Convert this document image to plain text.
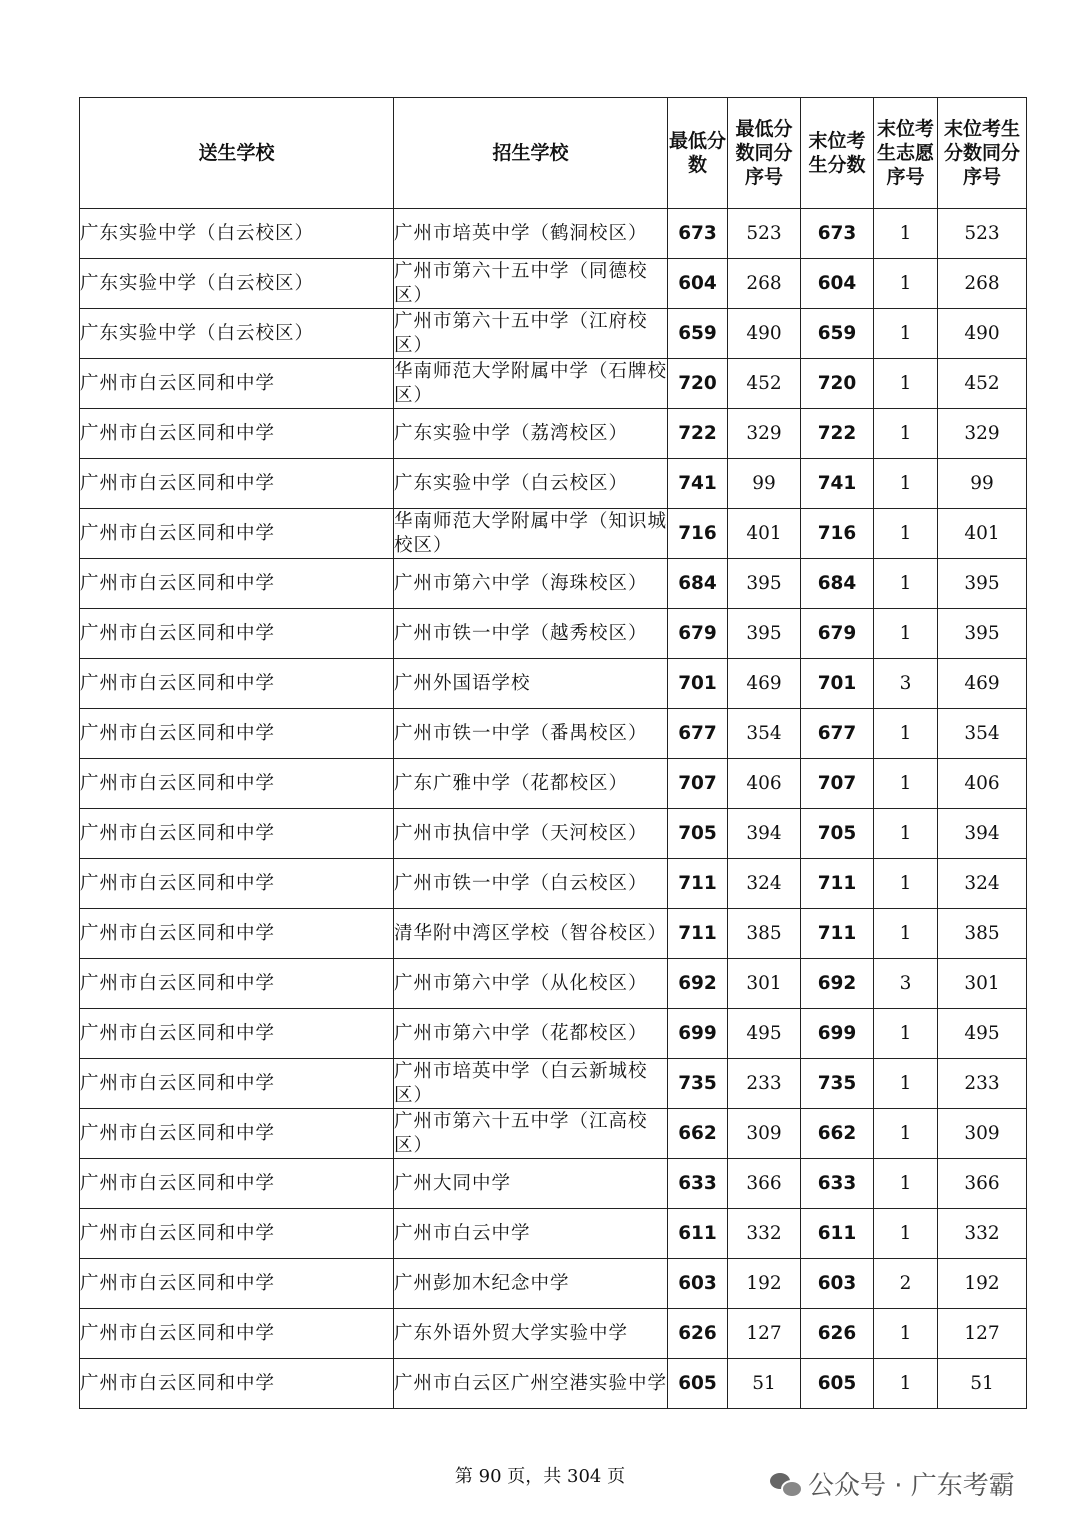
送生学校	招生学校	最低分数	最低分数同分序号	末位考生分数	末位考生志愿序号	末位考生分数同分序号
广东实验中学（白云校区）	广州市培英中学（鹤洞校区）	673	523	673	1	523
广东实验中学（白云校区）	广州市第六十五中学（同德校区）	604	268	604	1	268
广东实验中学（白云校区）	广州市第六十五中学（江府校区）	659	490	659	1	490
广州市白云区同和中学	华南师范大学附属中学（石牌校区）	720	452	720	1	452
广州市白云区同和中学	广东实验中学（荔湾校区）	722	329	722	1	329
广州市白云区同和中学	广东实验中学（白云校区）	741	99	741	1	99
广州市白云区同和中学	华南师范大学附属中学（知识城校区）	716	401	716	1	401
广州市白云区同和中学	广州市第六中学（海珠校区）	684	395	684	1	395
广州市白云区同和中学	广州市铁一中学（越秀校区）	679	395	679	1	395
广州市白云区同和中学	广州外国语学校	701	469	701	3	469
广州市白云区同和中学	广州市铁一中学（番禺校区）	677	354	677	1	354
广州市白云区同和中学	广东广雅中学（花都校区）	707	406	707	1	406
广州市白云区同和中学	广州市执信中学（天河校区）	705	394	705	1	394
广州市白云区同和中学	广州市铁一中学（白云校区）	711	324	711	1	324
广州市白云区同和中学	清华附中湾区学校（智谷校区）	711	385	711	1	385
广州市白云区同和中学	广州市第六中学（从化校区）	692	301	692	3	301
广州市白云区同和中学	广州市第六中学（花都校区）	699	495	699	1	495
广州市白云区同和中学	广州市培英中学（白云新城校区）	735	233	735	1	233
广州市白云区同和中学	广州市第六十五中学（江高校区）	662	309	662	1	309
广州市白云区同和中学	广州大同中学	633	366	633	1	366
广州市白云区同和中学	广州市白云中学	611	332	611	1	332
广州市白云区同和中学	广州彭加木纪念中学	603	192	603	2	192
广州市白云区同和中学	广东外语外贸大学实验中学	626	127	626	1	127
广州市白云区同和中学	广州市白云区广州空港实验中学	605	51	605	1	51
第 90 页，共 304 页	公众号 · 广东考霸
